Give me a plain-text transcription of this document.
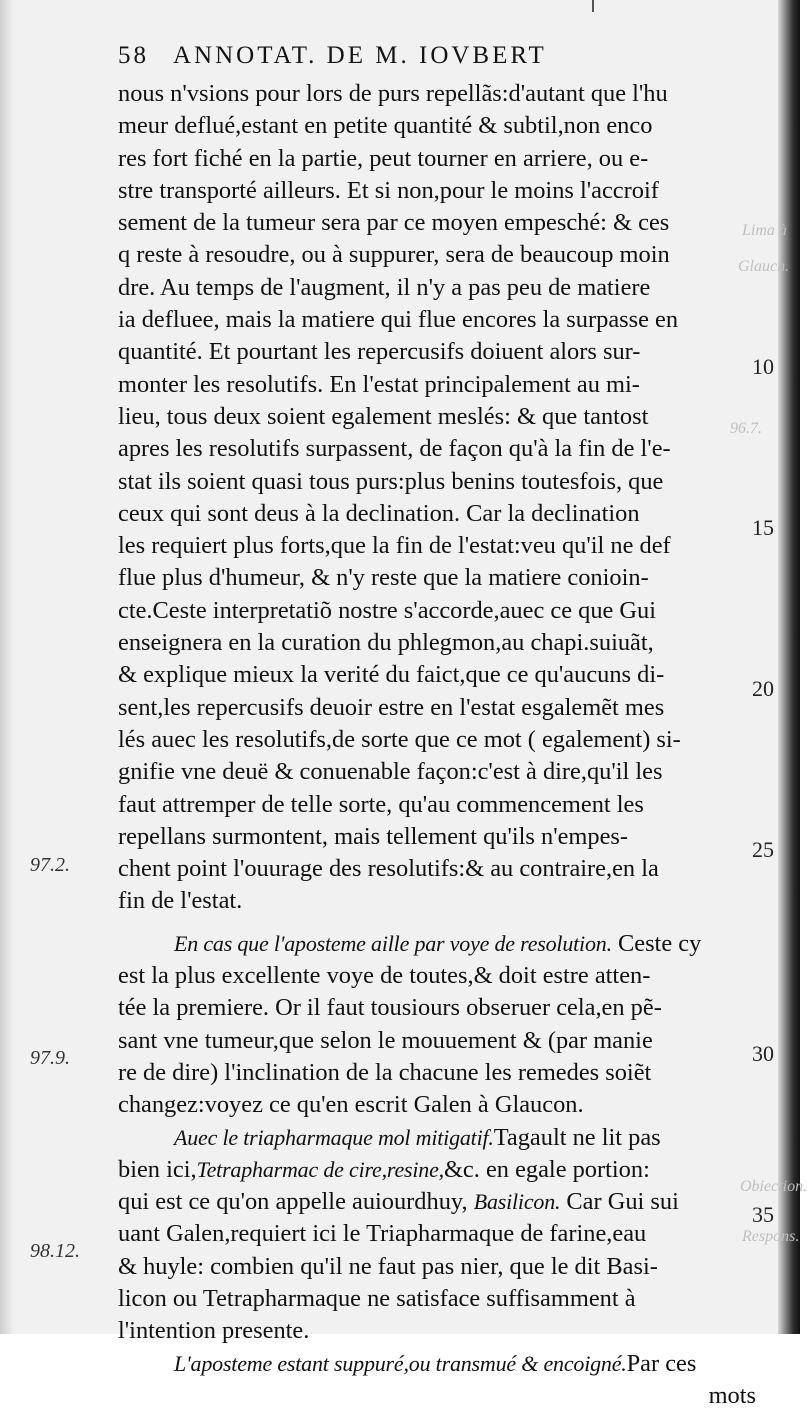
Lima à
Glauch.
96.7.
Obiection.
Respons.
58 ANNOTAT. DE M. IOVBERT
nous n'vsions pour lors de purs repellãs:d'autant que l'hu
meur deflué,estant en petite quantité & subtil,non enco
res fort fiché en la partie, peut tourner en arriere, ou e-
stre transporté ailleurs. Et si non,pour le moins l'accroif
sement de la tumeur sera par ce moyen empesché: & ces
q reste à resoudre, ou à suppurer, sera de beaucoup moin
dre. Au temps de l'augment, il n'y a pas peu de matiere
ia defluee, mais la matiere qui flue encores la surpasse en
quantité. Et pourtant les repercusifs doiuent alors sur-
monter les resolutifs. En l'estat principalement au mi-
lieu, tous deux soient egalement meslés: & que tantost
apres les resolutifs surpassent, de façon qu'à la fin de l'e-
stat ils soient quasi tous purs:plus benins toutesfois, que
ceux qui sont deus à la declination. Car la declination
les requiert plus forts,que la fin de l'estat:veu qu'il ne def
flue plus d'humeur, & n'y reste que la matiere conioin-
cte.Ceste interpretatiõ nostre s'accorde,auec ce que Gui
enseignera en la curation du phlegmon,au chapi.suiuãt,
& explique mieux la verité du faict,que ce qu'aucuns di-
sent,les repercusifs deuoir estre en l'estat esgalemẽt mes
lés auec les resolutifs,de sorte que ce mot ( egalement) si-
gnifie vne deuë & conuenable façon:c'est à dire,qu'il les
faut attremper de telle sorte, qu'au commencement les
repellans surmontent, mais tellement qu'ils n'empes-
chent point l'ouurage des resolutifs:& au contraire,en la
fin de l'estat.
En cas que l'aposteme aille par voye de resolution. Ceste cy
est la plus excellente voye de toutes,& doit estre atten-
tée la premiere. Or il faut tousiours obseruer cela,en pẽ-
sant vne tumeur,que selon le mouuement & (par manie
re de dire) l'inclination de la chacune les remedes soiẽt
changez:voyez ce qu'en escrit Galen à Glaucon.
Auec le triapharmaque mol mitigatif.Tagault ne lit pas
bien ici,Tetrapharmac de cire,resine,&c. en egale portion:
qui est ce qu'on appelle auiourdhuy, Basilicon. Car Gui sui
uant Galen,requiert ici le Triapharmaque de farine,eau
& huyle: combien qu'il ne faut pas nier, que le dit Basi-
licon ou Tetrapharmaque ne satisface suffisamment à
l'intention presente.
L'aposteme estant suppuré,ou transmué & encoigné.Par ces
mots
10
15
20
25
30
35
97.2.
97.9.
98.12.
